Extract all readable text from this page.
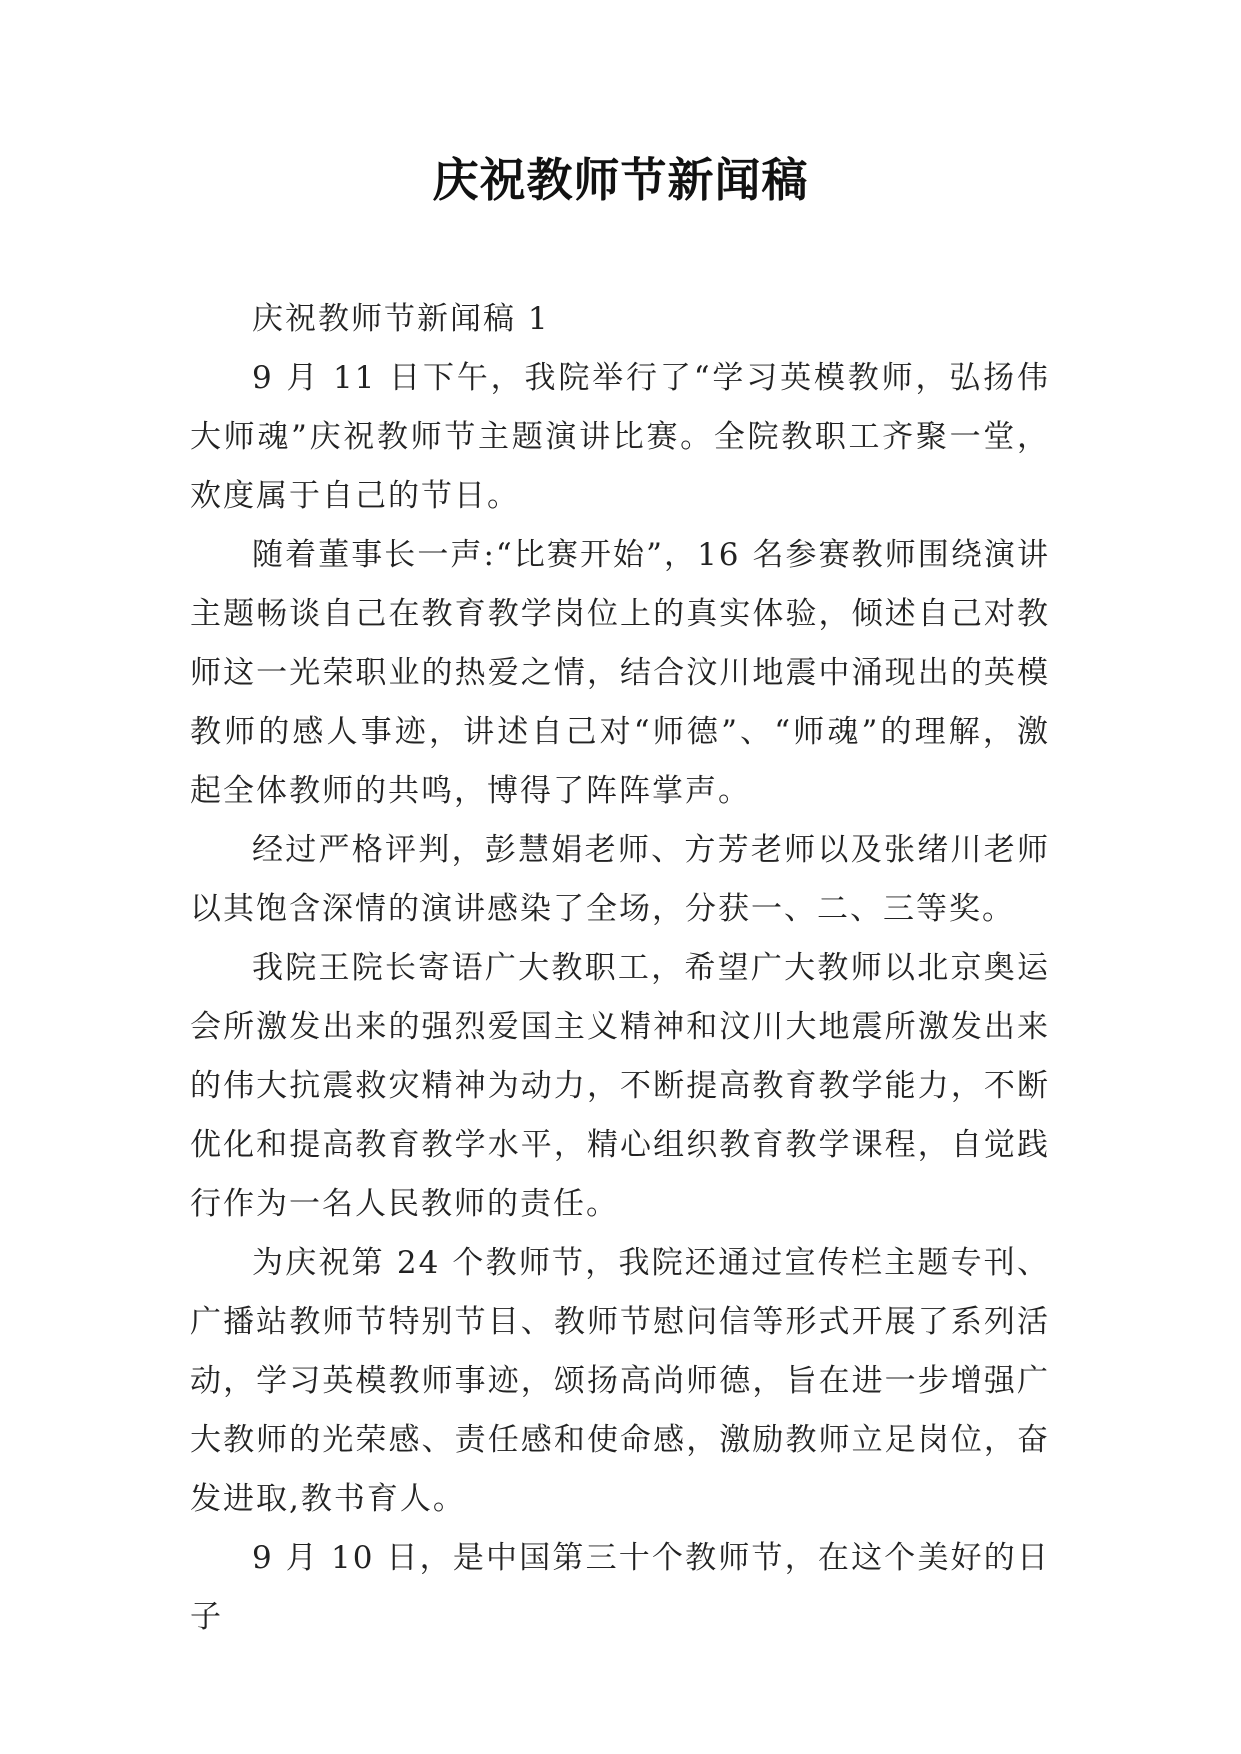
庆祝教师节新闻稿

庆祝教师节新闻稿 1

9 月 11 日下午，我院举行了“学习英模教师，弘扬伟大师魂”庆祝教师节主题演讲比赛。全院教职工齐聚一堂，欢度属于自己的节日。

随着董事长一声:“比赛开始”，16 名参赛教师围绕演讲主题畅谈自己在教育教学岗位上的真实体验，倾述自己对教师这一光荣职业的热爱之情，结合汶川地震中涌现出的英模教师的感人事迹，讲述自己对“师德”、“师魂”的理解，激起全体教师的共鸣，博得了阵阵掌声。

经过严格评判，彭慧娟老师、方芳老师以及张绪川老师以其饱含深情的演讲感染了全场，分获一、二、三等奖。

我院王院长寄语广大教职工，希望广大教师以北京奥运会所激发出来的强烈爱国主义精神和汶川大地震所激发出来的伟大抗震救灾精神为动力，不断提高教育教学能力，不断优化和提高教育教学水平，精心组织教育教学课程，自觉践行作为一名人民教师的责任。

为庆祝第 24 个教师节，我院还通过宣传栏主题专刊、广播站教师节特别节目、教师节慰问信等形式开展了系列活动，学习英模教师事迹，颂扬高尚师德，旨在进一步增强广大教师的光荣感、责任感和使命感，激励教师立足岗位，奋发进取,教书育人。

9 月 10 日，是中国第三十个教师节，在这个美好的日子
